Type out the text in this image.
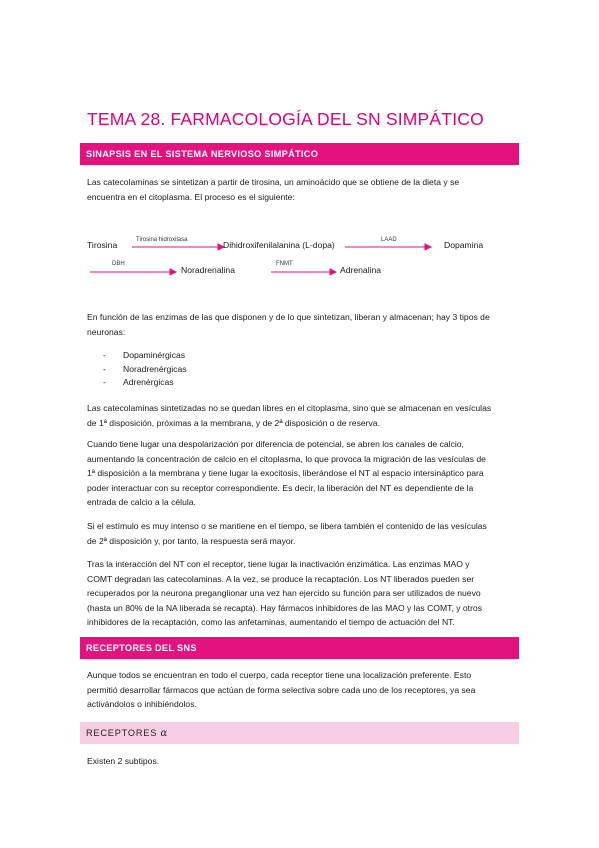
TEMA 28. FARMACOLOGÍA DEL SN SIMPÁTICO
SINAPSIS EN EL SISTEMA NERVIOSO SIMPÁTICO
Las catecolaminas se sintetizan a partir de tirosina, un aminoácido que se obtiene de la dieta y se
encuentra en el citoplasma. El proceso es el siguiente:
Tirosina	Tirosina hidroxilasa	Dihidroxifenilalanina (L-dopa)	LAAD	Dopamina
DBH
Noradrenalina
FNMT
Adrenalina
En función de las enzimas de las que disponen y de lo que sintetizan, liberan y almacenan; hay 3 tipos de
neuronas:
- Dopaminérgicas
- Noradrenérgicas
- Adrenérgicas
Las catecolaminas sintetizadas no se quedan libres en el citoplasma, sino que se almacenan en vesículas
de 1ª disposición, próximas a la membrana, y de 2ª disposición o de reserva.
Cuando tiene lugar una despolarización por diferencia de potencial, se abren los canales de calcio,
aumentando la concentración de calcio en el citoplasma, lo que provoca la migración de las vesículas de
1ª disposición a la membrana y tiene lugar la exocitosis, liberándose el NT al espacio intersináptico para
poder interactuar con su receptor correspondiente. Es decir, la liberación del NT es dependiente de la
entrada de calcio a la célula.
Si el estímulo es muy intenso o se mantiene en el tiempo, se libera también el contenido de las vesículas
de 2ª disposición y, por tanto, la respuesta será mayor.
Tras la interacción del NT con el receptor, tiene lugar la inactivación enzimática. Las enzimas MAO y
COMT degradan las catecolaminas. A la vez, se produce la recaptación. Los NT liberados pueden ser
recuperados por la neurona preganglionar una vez han ejercido su función para ser utilizados de nuevo
(hasta un 80% de la NA liberada se recapta). Hay fármacos inhibidores de las MAO y las COMT, y otros
inhibidores de la recaptación, como las anfetaminas, aumentando el tiempo de actuación del NT.
RECEPTORES DEL SNS
Aunque todos se encuentran en todo el cuerpo, cada receptor tiene una localización preferente. Esto
permitió desarrollar fármacos que actúan de forma selectiva sobre cada uno de los receptores, ya sea
activándolos o inhibiéndolos.
RECEPTORES α
Existen 2 subtipos.
